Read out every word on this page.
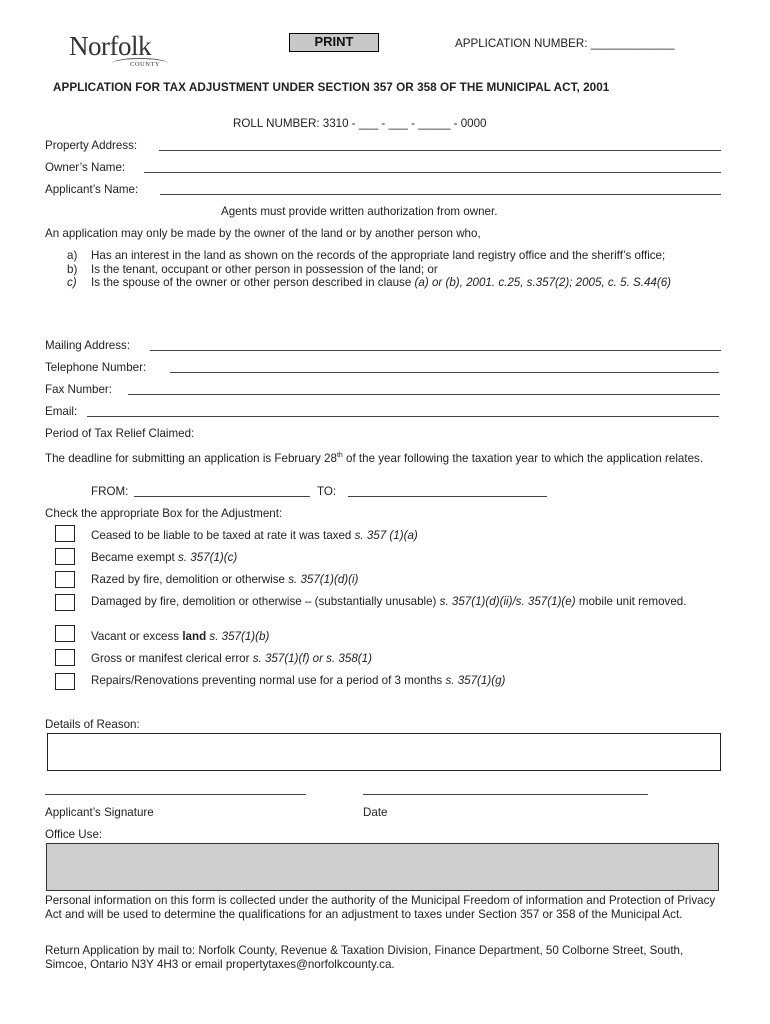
Norfolk
COUNTY
PRINT	APPLICATION NUMBER: _____________
APPLICATION FOR TAX ADJUSTMENT UNDER SECTION 357 OR 358 OF THE MUNICIPAL ACT, 2001
ROLL NUMBER: 3310 - ___ - ___ - _____ - 0000
Property Address:
Owner’s Name:
Applicant’s Name:
Agents must provide written authorization from owner.
An application may only be made by the owner of the land or by another person who,
a) Has an interest in the land as shown on the records of the appropriate land registry office and the sheriff’s office;
b) Is the tenant, occupant or other person in possession of the land; or
c) Is the spouse of the owner or other person described in clause (a) or (b), 2001. c.25, s.357(2); 2005, c. 5. S.44(6)
Mailing Address:
Telephone Number:
Fax Number:
Email:
Period of Tax Relief Claimed:
The deadline for submitting an application is February 28th of the year following the taxation year to which the application relates.
FROM:	TO:
Check the appropriate Box for the Adjustment:
Ceased to be liable to be taxed at rate it was taxed s. 357 (1)(a)
Became exempt s. 357(1)(c)
Razed by fire, demolition or otherwise s. 357(1)(d)(i)
Damaged by fire, demolition or otherwise – (substantially unusable) s. 357(1)(d)(ii)/s. 357(1)(e) mobile unit removed.
Vacant or excess land s. 357(1)(b)
Gross or manifest clerical error s. 357(1)(f) or s. 358(1)
Repairs/Renovations preventing normal use for a period of 3 months s. 357(1)(g)
Details of Reason:
Applicant’s Signature	Date
Office Use:
Personal information on this form is collected under the authority of the Municipal Freedom of information and Protection of Privacy Act and will be used to determine the qualifications for an adjustment to taxes under Section 357 or 358 of the Municipal Act.
Return Application by mail to: Norfolk County, Revenue & Taxation Division, Finance Department, 50 Colborne Street, South, Simcoe, Ontario N3Y 4H3 or email propertytaxes@norfolkcounty.ca.
